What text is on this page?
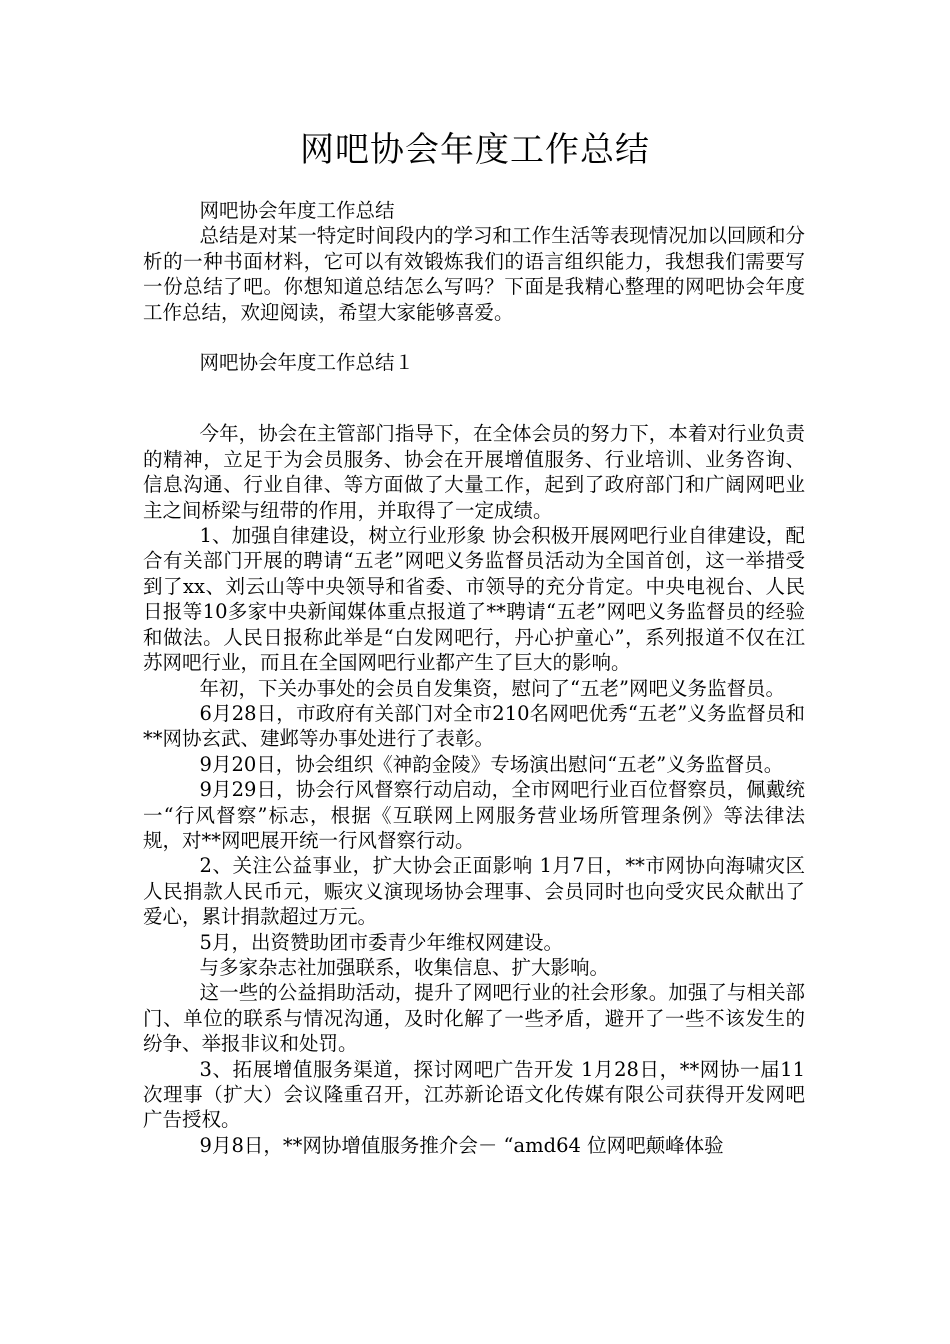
网吧协会年度工作总结

网吧协会年度工作总结

总结是对某一特定时间段内的学习和工作生活等表现情况加以回顾和分析的一种书面材料，它可以有效锻炼我们的语言组织能力，我想我们需要写一份总结了吧。你想知道总结怎么写吗？下面是我精心整理的网吧协会年度工作总结，欢迎阅读，希望大家能够喜爱。

网吧协会年度工作总结１

今年，协会在主管部门指导下，在全体会员的努力下，本着对行业负责的精神，立足于为会员服务、协会在开展增值服务、行业培训、业务咨询、信息沟通、行业自律、等方面做了大量工作，起到了政府部门和广阔网吧业主之间桥梁与纽带的作用，并取得了一定成绩。

1、加强自律建设，树立行业形象 协会积极开展网吧行业自律建设，配合有关部门开展的聘请“五老”网吧义务监督员活动为全国首创，这一举措受到了xx、刘云山等中央领导和省委、市领导的充分肯定。中央电视台、人民日报等10多家中央新闻媒体重点报道了**聘请“五老”网吧义务监督员的经验和做法。人民日报称此举是“白发网吧行，丹心护童心”，系列报道不仅在江苏网吧行业，而且在全国网吧行业都产生了巨大的影响。

年初，下关办事处的会员自发集资，慰问了“五老”网吧义务监督员。

6月28日，市政府有关部门对全市210名网吧优秀“五老”义务监督员和**网协玄武、建邺等办事处进行了表彰。

9月20日，协会组织《神韵金陵》专场演出慰问“五老”义务监督员。

9月29日，协会行风督察行动启动，全市网吧行业百位督察员，佩戴统一“行风督察”标志，根据《互联网上网服务营业场所管理条例》等法律法规，对**网吧展开统一行风督察行动。

2、关注公益事业，扩大协会正面影响 1月7日，**市网协向海啸灾区人民捐款人民币元，赈灾义演现场协会理事、会员同时也向受灾民众献出了爱心，累计捐款超过万元。

5月，出资赞助团市委青少年维权网建设。

与多家杂志社加强联系，收集信息、扩大影响。

这一些的公益捐助活动，提升了网吧行业的社会形象。加强了与相关部门、单位的联系与情况沟通，及时化解了一些矛盾，避开了一些不该发生的纷争、举报非议和处罚。

3、拓展增值服务渠道，探讨网吧广告开发 1月28日，**网协一届11次理事（扩大）会议隆重召开，江苏新论语文化传媒有限公司获得开发网吧广告授权。

9月8日，**网协增值服务推介会－ “amd64 位网吧颠峰体验
